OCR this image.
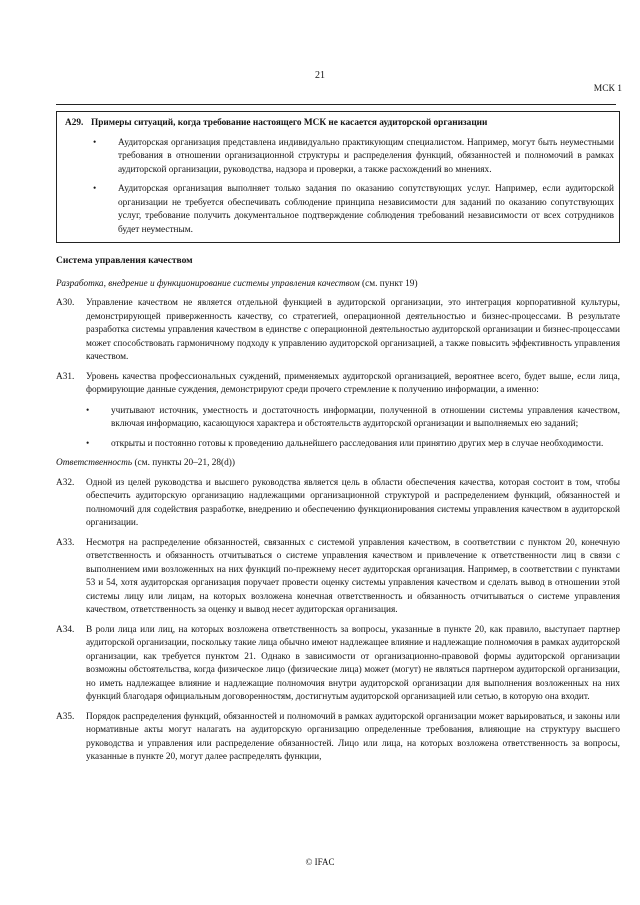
21
МСК 1
A29. Примеры ситуаций, когда требование настоящего МСК не касается аудиторской организации
•	Аудиторская организация представлена индивидуально практикующим специалистом. Например, могут быть неуместными требования в отношении организационной структуры и распределения функций, обязанностей и полномочий в рамках аудиторской организации, руководства, надзора и проверки, а также расхождений во мнениях.
•	Аудиторская организация выполняет только задания по оказанию сопутствующих услуг. Например, если аудиторской организации не требуется обеспечивать соблюдение принципа независимости для заданий по оказанию сопутствующих услуг, требование получить документальное подтверждение соблюдения требований независимости от всех сотрудников будет неуместным.
Система управления качеством
Разработка, внедрение и функционирование системы управления качеством (см. пункт 19)
A30.	Управление качеством не является отдельной функцией в аудиторской организации, это интеграция корпоративной культуры, демонстрирующей приверженность качеству, со стратегией, операционной деятельностью и бизнес-процессами. В результате разработка системы управления качеством в единстве с операционной деятельностью аудиторской организации и бизнес-процессами может способствовать гармоничному подходу к управлению аудиторской организацией, а также повысить эффективность управления качеством.
A31.	Уровень качества профессиональных суждений, применяемых аудиторской организацией, вероятнее всего, будет выше, если лица, формирующие данные суждения, демонстрируют среди прочего стремление к получению информации, а именно:
•	учитывают источник, уместность и достаточность информации, полученной в отношении системы управления качеством, включая информацию, касающуюся характера и обстоятельств аудиторской организации и выполняемых ею заданий;
•	открыты и постоянно готовы к проведению дальнейшего расследования или принятию других мер в случае необходимости.
Ответственность (см. пункты 20–21, 28(d))
A32.	Одной из целей руководства и высшего руководства является цель в области обеспечения качества, которая состоит в том, чтобы обеспечить аудиторскую организацию надлежащими организационной структурой и распределением функций, обязанностей и полномочий для содействия разработке, внедрению и обеспечению функционирования системы управления качеством в аудиторской организации.
A33.	Несмотря на распределение обязанностей, связанных с системой управления качеством, в соответствии с пунктом 20, конечную ответственность и обязанность отчитываться о системе управления качеством и привлечение к ответственности лиц в связи с выполнением ими возложенных на них функций по-прежнему несет аудиторская организация. Например, в соответствии с пунктами 53 и 54, хотя аудиторская организация поручает провести оценку системы управления качеством и сделать вывод в отношении этой системы лицу или лицам, на которых возложена конечная ответственность и обязанность отчитываться о системе управления качеством, ответственность за оценку и вывод несет аудиторская организация.
A34.	В роли лица или лиц, на которых возложена ответственность за вопросы, указанные в пункте 20, как правило, выступает партнер аудиторской организации, поскольку такие лица обычно имеют надлежащее влияние и надлежащие полномочия в рамках аудиторской организации, как требуется пунктом 21. Однако в зависимости от организационно-правовой формы аудиторской организации возможны обстоятельства, когда физическое лицо (физические лица) может (могут) не являться партнером аудиторской организации, но иметь надлежащее влияние и надлежащие полномочия внутри аудиторской организации для выполнения возложенных на них функций благодаря официальным договоренностям, достигнутым аудиторской организацией или сетью, в которую она входит.
A35.	Порядок распределения функций, обязанностей и полномочий в рамках аудиторской организации может варьироваться, и законы или нормативные акты могут налагать на аудиторскую организацию определенные требования, влияющие на структуру высшего руководства и управления или распределение обязанностей. Лицо или лица, на которых возложена ответственность за вопросы, указанные в пункте 20, могут далее распределять функции,
© IFAC
